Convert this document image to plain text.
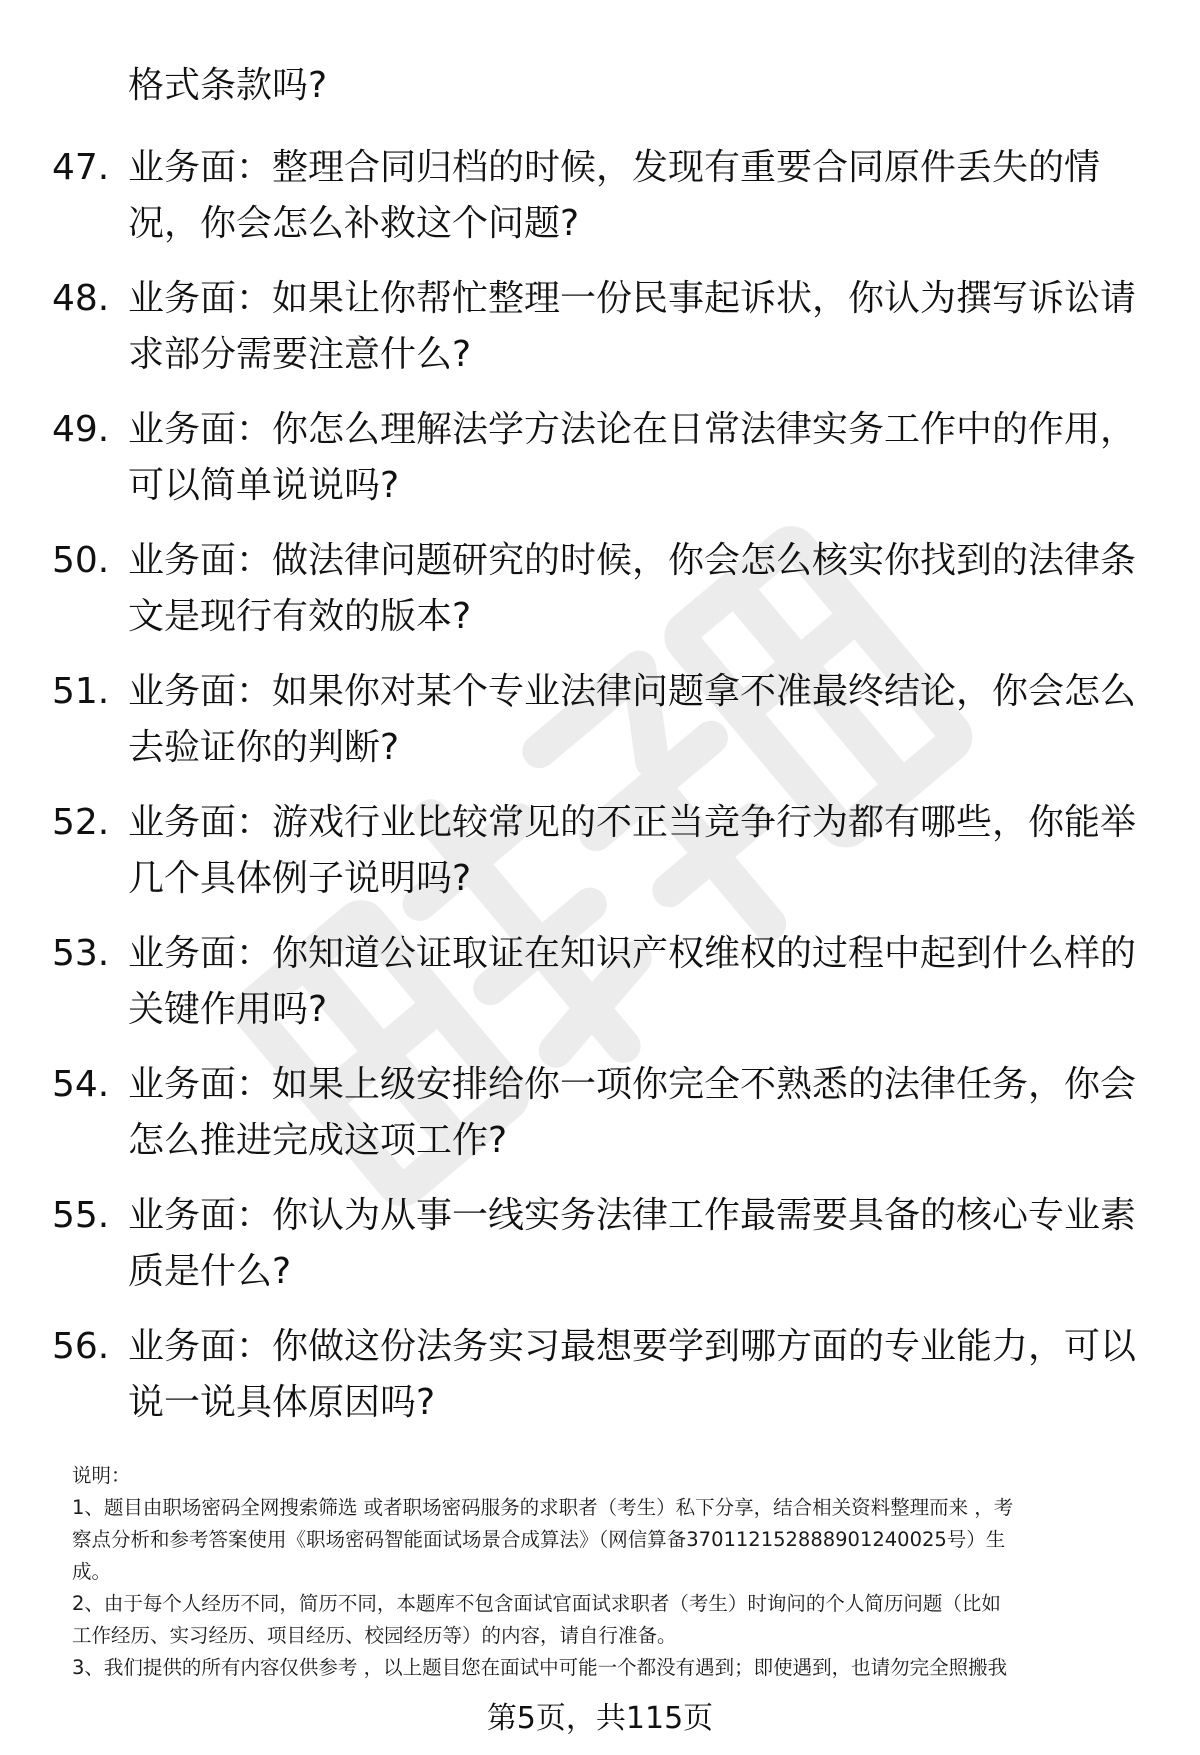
格式条款吗?
47. 业务面：整理合同归档的时候，发现有重要合同原件丢失的情
况，你会怎么补救这个问题?
48. 业务面：如果让你帮忙整理一份民事起诉状，你认为撰写诉讼请
求部分需要注意什么?
49. 业务面：你怎么理解法学方法论在日常法律实务工作中的作用，
可以简单说说吗?
50. 业务面：做法律问题研究的时候，你会怎么核实你找到的法律条
文是现行有效的版本?
51. 业务面：如果你对某个专业法律问题拿不准最终结论，你会怎么
去验证你的判断?
52. 业务面：游戏行业比较常见的不正当竞争行为都有哪些，你能举
几个具体例子说明吗?
53. 业务面：你知道公证取证在知识产权维权的过程中起到什么样的
关键作用吗?
54. 业务面：如果上级安排给你一项你完全不熟悉的法律任务，你会
怎么推进完成这项工作?
55. 业务面：你认为从事一线实务法律工作最需要具备的核心专业素
质是什么?
56. 业务面：你做这份法务实习最想要学到哪方面的专业能力，可以
说一说具体原因吗?
说明：
1、题目由职场密码全网搜索筛选 或者职场密码服务的求职者（考生）私下分享，结合相关资料整理而来 ，考
察点分析和参考答案使用《职场密码智能面试场景合成算法》（网信算备370112152888901240025号）生
成。
2、由于每个人经历不同，简历不同，本题库不包含面试官面试求职者（考生）时询问的个人简历问题（比如
工作经历、实习经历、项目经历、校园经历等）的内容，请自行准备。
3、我们提供的所有内容仅供参考 ，以上题目您在面试中可能一个都没有遇到；即使遇到，也请勿完全照搬我
第5页，共115页
